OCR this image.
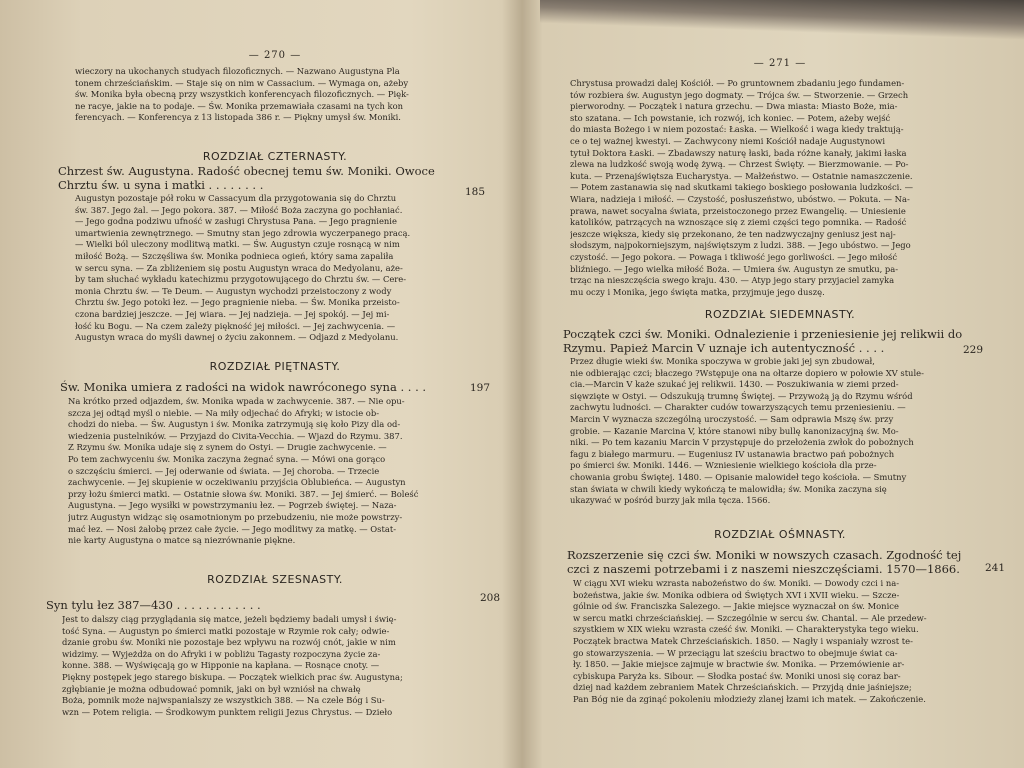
— 270 —
wieczory na ukochanych studyach filozoficznych. — Nazwano Augustyna Pla
tonem chrześciańskim. — Staje się on nim w Cassacium. — Wymaga on, ażeby
św. Monika była obecną przy wszystkich konferencyach filozoficznych. — Pięk-
ne racye, jakie na to podaje. — Św. Monika przemawiała czasami na tych kon
ferencyach. — Konferencya z 13 listopada 386 r. — Piękny umysł św. Moniki.
ROZDZIAŁ CZTERNASTY.
Chrzest św. Augustyna. Radość obecnej temu św. Moniki. Owoce
Chrztu św. u syna i matki . . . . . . . .	185
Augustyn pozostaje pół roku w Cassacyum dla przygotowania się do Chrztu
św. 387. Jego żal. — Jego pokora. 387. — Miłość Boża zaczyna go pochłaniać.
— Jego godna podziwu ufność w zasługi Chrystusa Pana. — Jego pragnienie
umartwienia zewnętrznego. — Smutny stan jego zdrowia wyczerpanego pracą.
— Wielki ból uleczony modlitwą matki. — Św. Augustyn czuje rosnącą w nim
miłość Bożą. — Szczęśliwa św. Monika podnieca ogień, który sama zapaliła
w sercu syna. — Za zbliżeniem się postu Augustyn wraca do Medyolanu, aże-
by tam słuchać wykładu katechizmu przygotowującego do Chrztu św. — Cere-
monia Chrztu św. — Te Deum. — Augustyn wychodzi przeistoczony z wody
Chrztu św. Jego potoki łez. — Jego pragnienie nieba. — Św. Monika przeisto-
czona bardziej jeszcze. — Jej wiara. — Jej nadzieja. — Jej spokój. — Jej mi-
łość ku Bogu. — Na czem zależy piękność jej miłości. — Jej zachwycenia. —
Augustyn wraca do myśli dawnej o życiu zakonnem. — Odjazd z Medyolanu.
ROZDZIAŁ PIĘTNASTY.
Św. Monika umiera z radości na widok nawróconego syna . . . .	197
Na krótko przed odjazdem, św. Monika wpada w zachwycenie. 387. — Nie opu-
szcza jej odtąd myśl o niebie. — Na miły odjechać do Afryki; w istocie ob-
chodzi do nieba. — Św. Augustyn i św. Monika zatrzymują się koło Pizy dla od-
wiedzenia pustelników. — Przyjazd do Civita-Vecchia. — Wjazd do Rzymu. 387.
Z Rzymu św. Monika udaje się z synem do Ostyi. — Drugie zachwycenie. —
Po tem zachwyceniu św. Monika zaczyna żegnać syna. — Mówi ona gorąco
o szczęściu śmierci. — Jej oderwanie od świata. — Jej choroba. — Trzecie
zachwycenie. — Jej skupienie w oczekiwaniu przyjścia Oblubieńca. — Augustyn
przy łożu śmierci matki. — Ostatnie słowa św. Moniki. 387. — Jej śmierć. — Boleść
Augustyna. — Jego wysiłki w powstrzymaniu łez. — Pogrzeb świętej. — Naza-
jutrz Augustyn widząc się osamotnionym po przebudzeniu, nie może powstrzy-
mać łez. — Nosi żałobę przez całe życie. — Jego modlitwy za matkę. — Ostat-
nie karty Augustyna o matce są niezrównanie piękne.
ROZDZIAŁ SZESNASTY.
Syn tylu łez 387—430 . . . . . . . . . . . .	208
Jest to dalszy ciąg przyglądania się matce, jeżeli będziemy badali umysł i świę-
tość Syna. — Augustyn po śmierci matki pozostaje w Rzymie rok cały; odwie-
dzanie grobu św. Moniki nie pozostaje bez wpływu na rozwój cnót, jakie w nim
widzimy. — Wyjeżdża on do Afryki i w pobliżu Tagasty rozpoczyna życie za-
konne. 388. — Wyświęcają go w Hipponie na kapłana. — Rosnące cnoty. —
Piękny postępek jego starego biskupa. — Początek wielkich prac św. Augustyna;
zgłębianie je można odbudować pomnik, jaki on był wzniósł na chwałę
Boża, pomnik może najwspanialszy ze wszystkich 388. — Na czele Bóg i Su-
wzn — Potem religia. — Środkowym punktem religii Jezus Chrystus. — Dzieło
— 271 —
Chrystusa prowadzi dalej Kościół. — Po gruntownem zbadaniu jego fundamen-
tów rozbiera św. Augustyn jego dogmaty. — Trójca św. — Stworzenie. — Grzech
pierworodny. — Początek i natura grzechu. — Dwa miasta: Miasto Boże, mia-
sto szatana. — Ich powstanie, ich rozwój, ich koniec. — Potem, ażeby wejść
do miasta Bożego i w niem pozostać: Łaska. — Wielkość i waga kiedy traktują-
ce o tej ważnej kwestyi. — Zachwycony niemi Kościół nadaje Augustynowi
tytuł Doktora Łaski. — Zbadawszy naturę łaski, bada różne kanały, jakimi łaska
zlewa na ludzkość swoją wodę żywą. — Chrzest Święty. — Bierzmowanie. — Po-
kuta. — Przenajświętsza Eucharystya. — Małżeństwo. — Ostatnie namaszczenie.
— Potem zastanawia się nad skutkami takiego boskiego posłowania ludzkości. —
Wiara, nadzieja i miłość. — Czystość, posłuszeństwo, ubóstwo. — Pokuta. — Na-
prawa, nawet socyalna świata, przeistoczonego przez Ewangelię. — Uniesienie
katolików, patrzących na wznoszące się z ziemi części tego pomnika. — Radość
jeszcze większa, kiedy się przekonano, że ten nadzwyczajny geniusz jest naj-
słodszym, najpokorniejszym, najświętszym z ludzi. 388. — Jego ubóstwo. — Jego
czystość. — Jego pokora. — Powaga i tkliwość jego gorliwości. — Jego miłość
bliźniego. — Jego wielka miłość Boża. — Umiera św. Augustyn ze smutku, pa-
trząc na nieszczęścia swego kraju. 430. — Atyp jego stary przyjaciel zamyka
mu oczy i Monika, jego święta matka, przyjmuje jego duszę.
ROZDZIAŁ SIEDEMNASTY.
Początek czci św. Moniki. Odnalezienie i przeniesienie jej relikwii do
Rzymu. Papież Marcin V uznaje ich autentyczność . . . .	229
Przez długie wieki św. Monika spoczywa w grobie jaki jej syn zbudował,
nie odbierając czci; błaczego ?Wstępuje ona na ołtarze dopiero w połowie XV stule-
cia.—Marcin V każe szukać jej relikwii. 1430. — Poszukiwania w ziemi przed-
sięwzięte w Ostyi. — Odszukują trumnę Świętej. — Przywożą ją do Rzymu wśród
zachwytu ludności. — Charakter cudów towarzyszących temu przeniesieniu. —
Marcin V wyznacza szczególną uroczystość. — Sam odprawia Mszę św. przy
grobie. — Kazanie Marcina V, które stanowi niby bullę kanonizacyjną św. Mo-
niki. — Po tem kazaniu Marcin V przystępuje do przełożenia zwłok do pobożnych
fagu z białego marmuru. — Eugeniusz IV ustanawia bractwo pań pobożnych
po śmierci św. Moniki. 1446. — Wzniesienie wielkiego kościoła dla prze-
chowania grobu Świętej. 1480. — Opisanie malowideł tego kościoła. — Smutny
stan świata w chwili kiedy wykończą te malowidła; św. Monika zaczyna się
ukazywać w pośród burzy jak mila tęcza. 1566.
ROZDZIAŁ OŚMNASTY.
Rozszerzenie się czci św. Moniki w nowszych czasach. Zgodność tej
czci z naszemi potrzebami i z naszemi nieszczęściami. 1570—1866.	241
W ciągu XVI wieku wzrasta nabożeństwo do św. Moniki. — Dowody czci i na-
bożeństwa, jakie św. Monika odbiera od Świętych XVI i XVII wieku. — Szcze-
gólnie od św. Franciszka Salezego. — Jakie miejsce wyznaczał on św. Monice
w sercu matki chrześciańskiej. — Szczególnie w sercu św. Chantal. — Ale przedew-
szystkiem w XIX wieku wzrasta cześć św. Moniki. — Charakterystyka tego wieku.
Początek bractwa Matek Chrześciańskich. 1850. — Nagły i wspaniały wzrost te-
go stowarzyszenia. — W przeciągu lat sześciu bractwo to obejmuje świat ca-
ły. 1850. — Jakie miejsce zajmuje w bractwie św. Monika. — Przemówienie ar-
cybiskupa Paryża ks. Sibour. — Słodka postać św. Moniki unosi się coraz bar-
dziej nad każdem zebraniem Matek Chrześciańskich. — Przyjdą dnie jaśniejsze;
Pan Bóg nie da zginąć pokoleniu młodzieży zlanej łzami ich matek. — Zakończenie.
